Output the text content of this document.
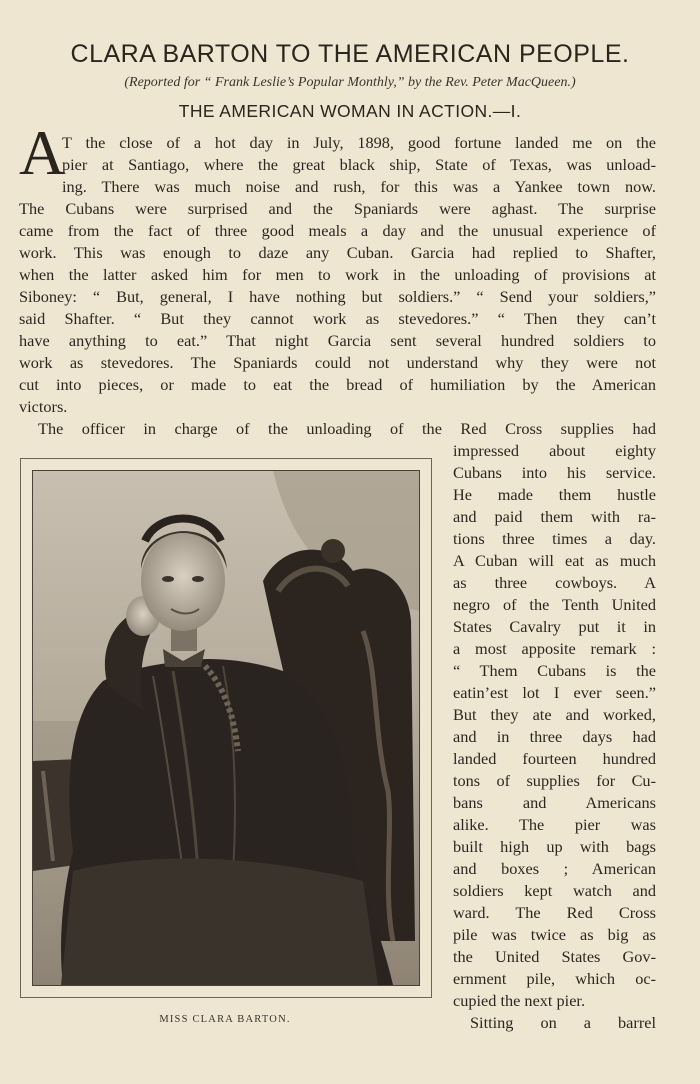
CLARA BARTON TO THE AMERICAN PEOPLE.
(Reported for “ Frank Leslie’s Popular Monthly,” by the Rev. Peter MacQueen.)
THE AMERICAN WOMAN IN ACTION.—I.
A
T the close of a hot day in July, 1898, good fortune landed me on the
pier at Santiago, where the great black ship, State of Texas, was unload-
ing. There was much noise and rush, for this was a Yankee town now.
The Cubans were surprised and the Spaniards were aghast. The surprise
came from the fact of three good meals a day and the unusual experience of
work. This was enough to daze any Cuban. Garcia had replied to Shafter,
when the latter asked him for men to work in the unloading of provisions at
Siboney: “ But, general, I have nothing but soldiers.” “ Send your soldiers,”
said Shafter. “ But they cannot work as stevedores.” “ Then they can’t
have anything to eat.” That night Garcia sent several hundred soldiers to
work as stevedores. The Spaniards could not understand why they were not
cut into pieces, or made to eat the bread of humiliation by the American
victors.
The officer in charge of the unloading of the Red Cross supplies had
impressed about eighty
Cubans into his service.
He made them hustle
and paid them with ra-
tions three times a day.
A Cuban will eat as much
as three cowboys. A
negro of the Tenth United
States Cavalry put it in
a most apposite remark :
“ Them Cubans is the
eatin’est lot I ever seen.”
But they ate and worked,
and in three days had
landed fourteen hundred
tons of supplies for Cu-
bans and Americans
alike. The pier was
built high up with bags
and boxes ; American
soldiers kept watch and
ward. The Red Cross
pile was twice as big as
the United States Gov-
ernment pile, which oc-
cupied the next pier.
Sitting on a barrel
MISS CLARA BARTON.
